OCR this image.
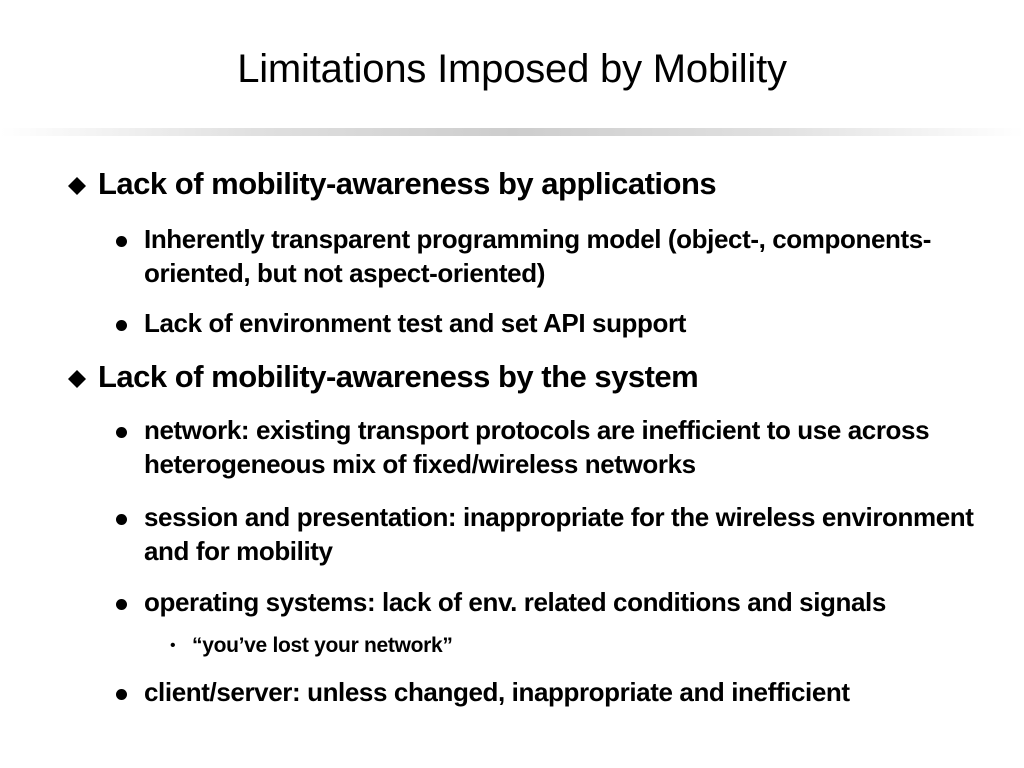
Limitations Imposed by Mobility
Lack of mobility-awareness by applications
Inherently transparent programming model (object-, components-oriented, but not aspect-oriented)
Lack of environment test and set API support
Lack of mobility-awareness by the system
network: existing transport protocols are inefficient to use across heterogeneous mix of fixed/wireless networks
session and presentation: inappropriate for the wireless environment and for mobility
operating systems: lack of env. related conditions and signals
• “you’ve lost your network”
client/server: unless changed, inappropriate and inefficient
